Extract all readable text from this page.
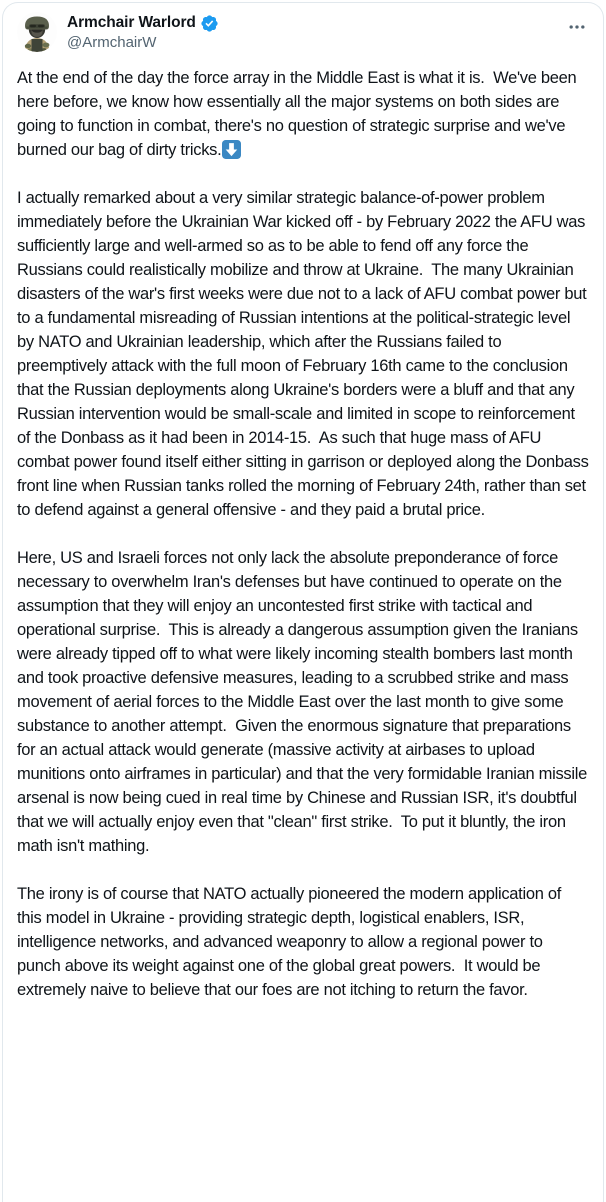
Armchair Warlord
@ArmchairW

At the end of the day the force array in the Middle East is what it is.  We've been here before, we know how essentially all the major systems on both sides are going to function in combat, there's no question of strategic surprise and we've burned our bag of dirty tricks.

I actually remarked about a very similar strategic balance-of-power problem immediately before the Ukrainian War kicked off - by February 2022 the AFU was sufficiently large and well-armed so as to be able to fend off any force the Russians could realistically mobilize and throw at Ukraine.  The many Ukrainian disasters of the war's first weeks were due not to a lack of AFU combat power but to a fundamental misreading of Russian intentions at the political-strategic level by NATO and Ukrainian leadership, which after the Russians failed to preemptively attack with the full moon of February 16th came to the conclusion that the Russian deployments along Ukraine's borders were a bluff and that any Russian intervention would be small-scale and limited in scope to reinforcement of the Donbass as it had been in 2014-15.  As such that huge mass of AFU combat power found itself either sitting in garrison or deployed along the Donbass front line when Russian tanks rolled the morning of February 24th, rather than set to defend against a general offensive - and they paid a brutal price.

Here, US and Israeli forces not only lack the absolute preponderance of force necessary to overwhelm Iran's defenses but have continued to operate on the assumption that they will enjoy an uncontested first strike with tactical and operational surprise.  This is already a dangerous assumption given the Iranians were already tipped off to what were likely incoming stealth bombers last month and took proactive defensive measures, leading to a scrubbed strike and mass movement of aerial forces to the Middle East over the last month to give some substance to another attempt.  Given the enormous signature that preparations for an actual attack would generate (massive activity at airbases to upload munitions onto airframes in particular) and that the very formidable Iranian missile arsenal is now being cued in real time by Chinese and Russian ISR, it's doubtful that we will actually enjoy even that "clean" first strike.  To put it bluntly, the iron math isn't mathing.

The irony is of course that NATO actually pioneered the modern application of this model in Ukraine - providing strategic depth, logistical enablers, ISR, intelligence networks, and advanced weaponry to allow a regional power to punch above its weight against one of the global great powers.  It would be extremely naive to believe that our foes are not itching to return the favor.
